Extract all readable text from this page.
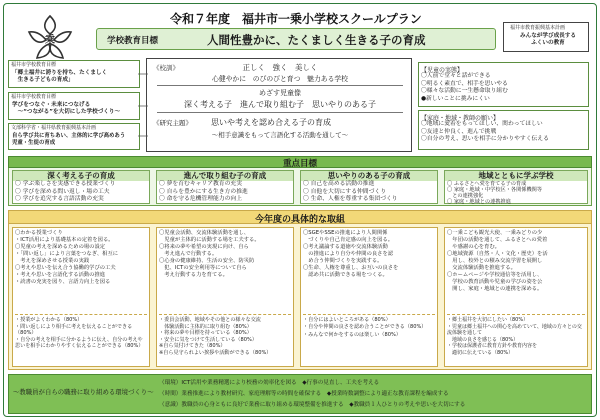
乘
令和７年度　福井市一乗小学校スクールプラン
学校教育目標	人間性豊かに、たくましく生きる子の育成
福井市教育振興基本計画
みんなが学び成長する
ふくいの教育
福井市学校教育目標
「郷土福井に誇りを持ち、たくましく
　生きる子どもの育成」
福井市学校教育目標
学びをつなぐ・未来につなげる
　～“つながる”を大切にした学校づくり～
文部科学省・福井県教育振興基本計画
自ら学び共に育ちあい、主体的に学び高めあう
児童・生徒の育成
《校訓》	正しく　強く　美しく
心健やかに　のびのびと育つ　魅力ある学校
めざす児童像
深く考える子　進んで取り組む子　思いやりのある子
《研究主題》 思いや考えを認め合える子の育成
～相手意識をもって言語化する活動を通して～
【児童の実態】
〇人前で堂々と話ができる
〇明るく素直で、相手を思いやる
〇様々な活動に一生懸命取り組む
●新しいことに挑みにくい
【家庭・地域・教師の願い】
〇地域に愛着をもってほしい、関わってほしい
〇友達と仲良く、進んで挑戦
〇自分の考え、思いを相手に分かりやすく伝える
重点目標
深く考える子の育成
〇 学ぶ楽しさを実感できる授業づくり
〇 学びを深める問い返し・場の工夫
〇 学びを追究する言語活動の充実
進んで取り組む子の育成
〇 夢を育むキャリア教育の充実
〇 自らを豊かにする生き方の推進
〇 命を守る危機管理能力の向上
思いやりのある子の育成
〇 自己を高める活動の推進
〇 自他を大切にする仲間づくり
〇 生命、人権を尊重する集団づくり
地域とともに学ぶ学校
〇 ふるさとへ愛を育てる子の育成
〇 家庭・地域・中学校区・各関係機関等
　との連携強化
〇 家庭・地域との連携推進
今年度の具体的な取組
〇わかる授業づくり
・ICT活用により基礎基本の定着を図る。
〇児童の考えを深めるための場の設定
・「問い返し」により言葉をつなぎ、相互に
　考えを深めさせる授業の実践
〇考えや思いを伝え合う協働的学びの工夫
・考えや思いを言語化する活動の推進
・読書の充実を図り、言語力向上を図る
・授業がよくわかる（80%）
・問い返しにより相手に考えを伝えることができる（80%）
・自分の考えを相手に分かるように伝え、自分の考えや思いを相手にわかりやすく伝えることができる（80%）
〇児童会活動、交流体験活動を通し、
　児童が主体的に活動する場を工夫する。
〇将来の夢や希望の実現に向け、自ら
　考え進んで行動する。
〇心身の健康維持、生活の安全、防災防
　犯、ICTの安全利用等について自ら
　考え行動する力を育てる。
・委員会活動、地域やその他との様々な交流
　体験活動に主体的に取り組む（80%）
・将来の夢や目標を持っている（80%）
・安全に気をつけて生活している（80%）
※自ら気付けてきた（80%）
※自ら見守られよい挨拶や活動ができる（80%）
〇SGEやSSEの推進により人間関係
　づくりや自己肯定感の向上を図る。
〇考え議論する道徳や交流体験活動
　の推進により自分や仲間の良さを認
　め合う仲間づくりを実践する。
〇生命、人権を尊重し、お互いの良さを
　認め共に活動できる場をつくる。
・自分にはよいところがある（80%）
・自分や仲間の良さを認め合うことができる（80%）
・みんなで何かをするのは楽しい（80%）
〇一乗こども観光大使、一乗みどりの少
　年団の活動を通して、ふるさとへの愛着
　や感謝の心を育む。
〇地域資源（自然・人・文化・歴史）を活
　用し、校外との積み交流学習を展開し
　交流体験活動を推進する。
〇ホームページや学校通信等を活用し、
　学校の教育活動や児童の学びの姿を公
　開し、家庭・地域との連携を深める。
・郷土福井を大切にしたい（80%）
・児童は郷土福井への関心を高めていて、地域の方々との交流体験を通して
　地域の良さを感じる（80%）
・学校は保護者に教育方針や教育内容を
　適切に伝えている（80%）
～教職員が自らの職務に取り組める環境づくり～
（環境）ICT活用や業務精選により校務の効率化を図る　◆行事の見直し、工夫を考える
（時間）業務推進により教材研究、家庭理解等の時間を確保する　◆授業時数調整により適正な教育課程を編成する
（意識）教職員の心身ともに良好で業務に取り組める環境整備を推進する　◆教職員１人ひとりの考えや思いを大切にする
